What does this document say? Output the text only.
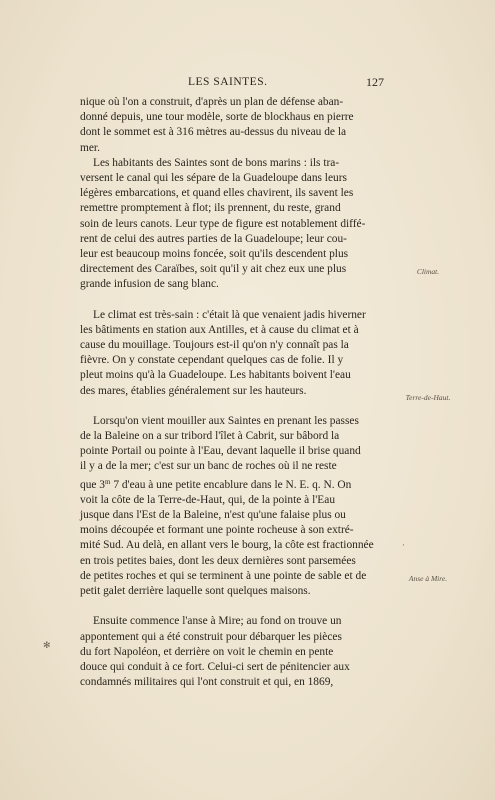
LES SAINTES.	127

nique où l'on a construit, d'après un plan de défense aban-
donné depuis, une tour modèle, sorte de blockhaus en pierre
dont le sommet est à 316 mètres au-dessus du niveau de la
mer.

Les habitants des Saintes sont de bons marins : ils tra-
versent le canal qui les sépare de la Guadeloupe dans leurs
légères embarcations, et quand elles chavirent, ils savent les
remettre promptement à flot; ils prennent, du reste, grand
soin de leurs canots. Leur type de figure est notablement diffé-
rent de celui des autres parties de la Guadeloupe; leur cou-
leur est beaucoup moins foncée, soit qu'ils descendent plus
directement des Caraïbes, soit qu'il y ait chez eux une plus
grande infusion de sang blanc.

Le climat est très-sain : c'était là que venaient jadis hiverner
les bâtiments en station aux Antilles, et à cause du climat et à
cause du mouillage. Toujours est-il qu'on n'y connaît pas la
fièvre. On y constate cependant quelques cas de folie. Il y
pleut moins qu'à la Guadeloupe. Les habitants boivent l'eau
des mares, établies généralement sur les hauteurs.

Lorsqu'on vient mouiller aux Saintes en prenant les passes
de la Baleine on a sur tribord l'îlet à Cabrit, sur bâbord la
pointe Portail ou pointe à l'Eau, devant laquelle il brise quand
il y a de la mer; c'est sur un banc de roches où il ne reste
que 3$^m$ 7 d'eau à une petite encablure dans le N. E. q. N. On
voit la côte de la Terre-de-Haut, qui, de la pointe à l'Eau
jusque dans l'Est de la Baleine, n'est qu'une falaise plus ou
moins découpée et formant une pointe rocheuse à son extré-
mité Sud. Au delà, en allant vers le bourg, la côte est fractionnée
en trois petites baies, dont les deux dernières sont parsemées
de petites roches et qui se terminent à une pointe de sable et de
petit galet derrière laquelle sont quelques maisons.

Ensuite commence l'anse à Mire; au fond on trouve un
appontement qui a été construit pour débarquer les pièces
du fort Napoléon, et derrière on voit le chemin en pente
douce qui conduit à ce fort. Celui-ci sert de pénitencier aux
condamnés militaires qui l'ont construit et qui, en 1869,

Climat.
Terre-de-Haut.
Anse à Mire.
·
✻
